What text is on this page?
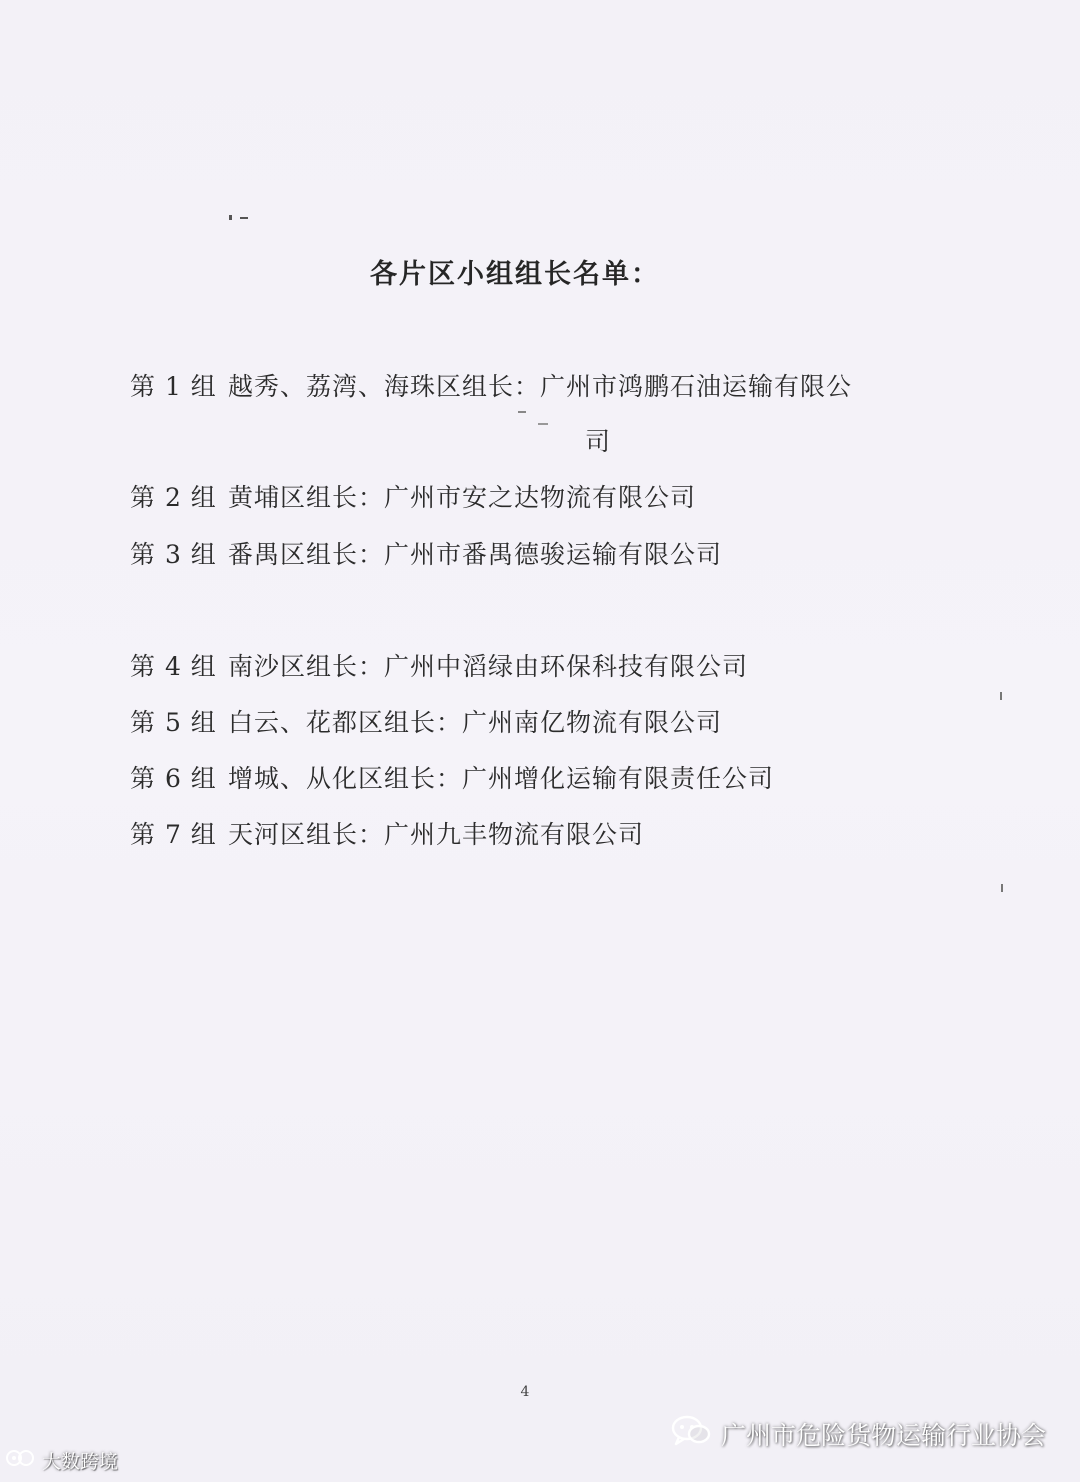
各片区小组组长名单：
第 1 组 越秀、荔湾、海珠区组长：广州市鸿鹏石油运输有限公
司
第 2 组 黄埔区组长：广州市安之达物流有限公司
第 3 组 番禺区组长：广州市番禺德骏运输有限公司
第 4 组 南沙区组长：广州中滔绿由环保科技有限公司
第 5 组 白云、花都区组长：广州南亿物流有限公司
第 6 组 增城、从化区组长：广州增化运输有限责任公司
第 7 组 天河区组长：广州九丰物流有限公司
4
广州市危险货物运输行业协会
大数跨境
